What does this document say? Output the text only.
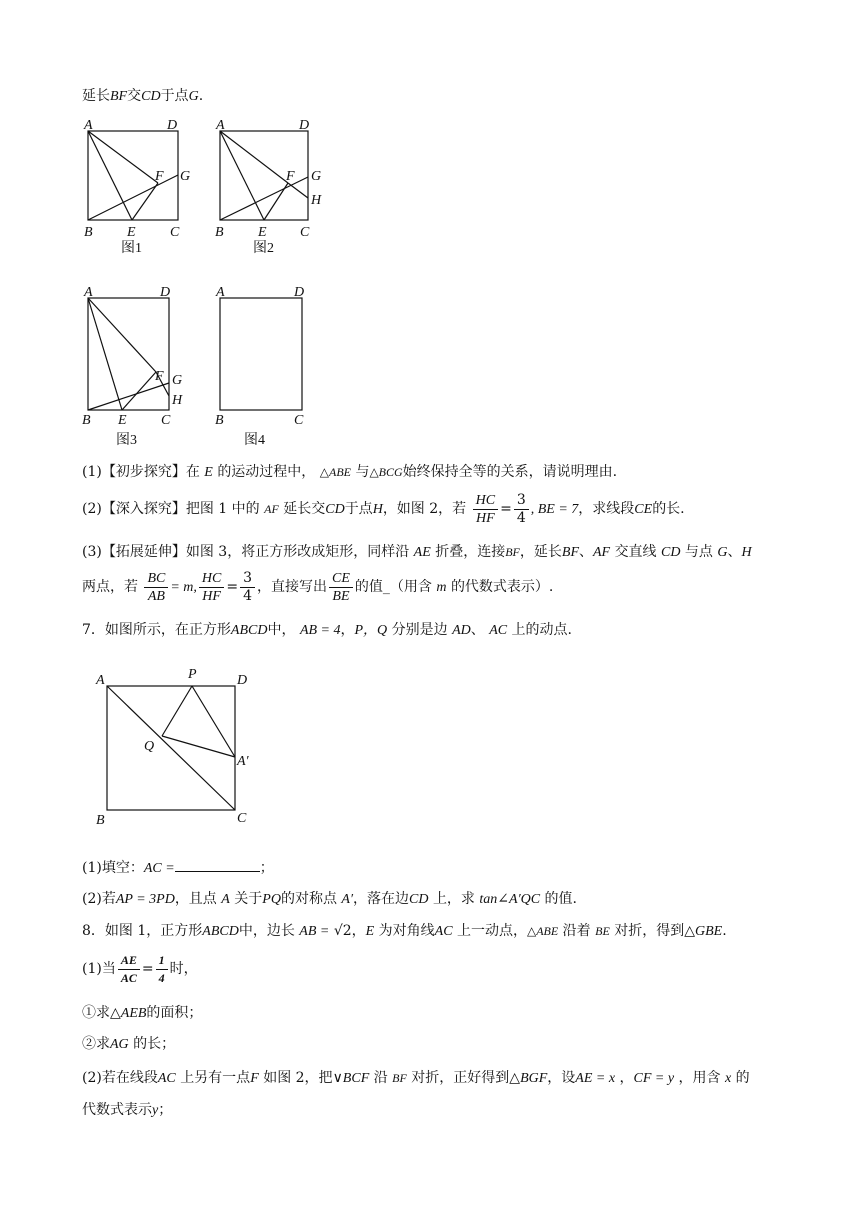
延长BF交CD于点G.
A	D
F G
B E C
图1
A	D
F G
H
B E C
图2
A	D
F G
H
B E C
图3
A	D
B	C
图4
(1)【初步探究】在 E 的运动过程中， △ABE 与△BCG始终保持全等的关系，请说明理由.
(2)【深入探究】把图 1 中的 AF 延长交CD于点H，如图 2，若 $\frac{HC}{HF} = \frac{3}{4}$ , BE = 7，求线段CE的长.
(3)【拓展延伸】如图 3，将正方形改成矩形，同样沿 AE 折叠，连接BF，延长BF、AF 交直线 CD 与点 G、H
两点，若 $\frac{BC}{AB} = m$, $\frac{HC}{HF} = \frac{3}{4}$ ，直接写出 $\frac{CE}{BE}$ 的值_（用含 m 的代数式表示）.
7．如图所示，在正方形ABCD中， AB = 4，P，Q 分别是边 AD、 AC 上的动点.
A	P	D
Q
A′
B	C
(1)填空：AC =	；
(2)若AP = 3PD，且点 A 关于PQ的对称点 A′，落在边CD 上，求 tan∠A′QC 的值.
8．如图 1，正方形ABCD中，边长 AB = √2，E 为对角线AC 上一动点，△ABE 沿着 BE 对折，得到△GBE.
(1)当 $\frac{AE}{AC} = \frac{1}{4}$ 时，
①求△AEB的面积；
②求AG 的长；
(2)若在线段AC 上另有一点F 如图 2，把∨BCF 沿 BF 对折，正好得到△BGF，设AE = x ，CF = y ，用含 x 的
代数式表示y；
